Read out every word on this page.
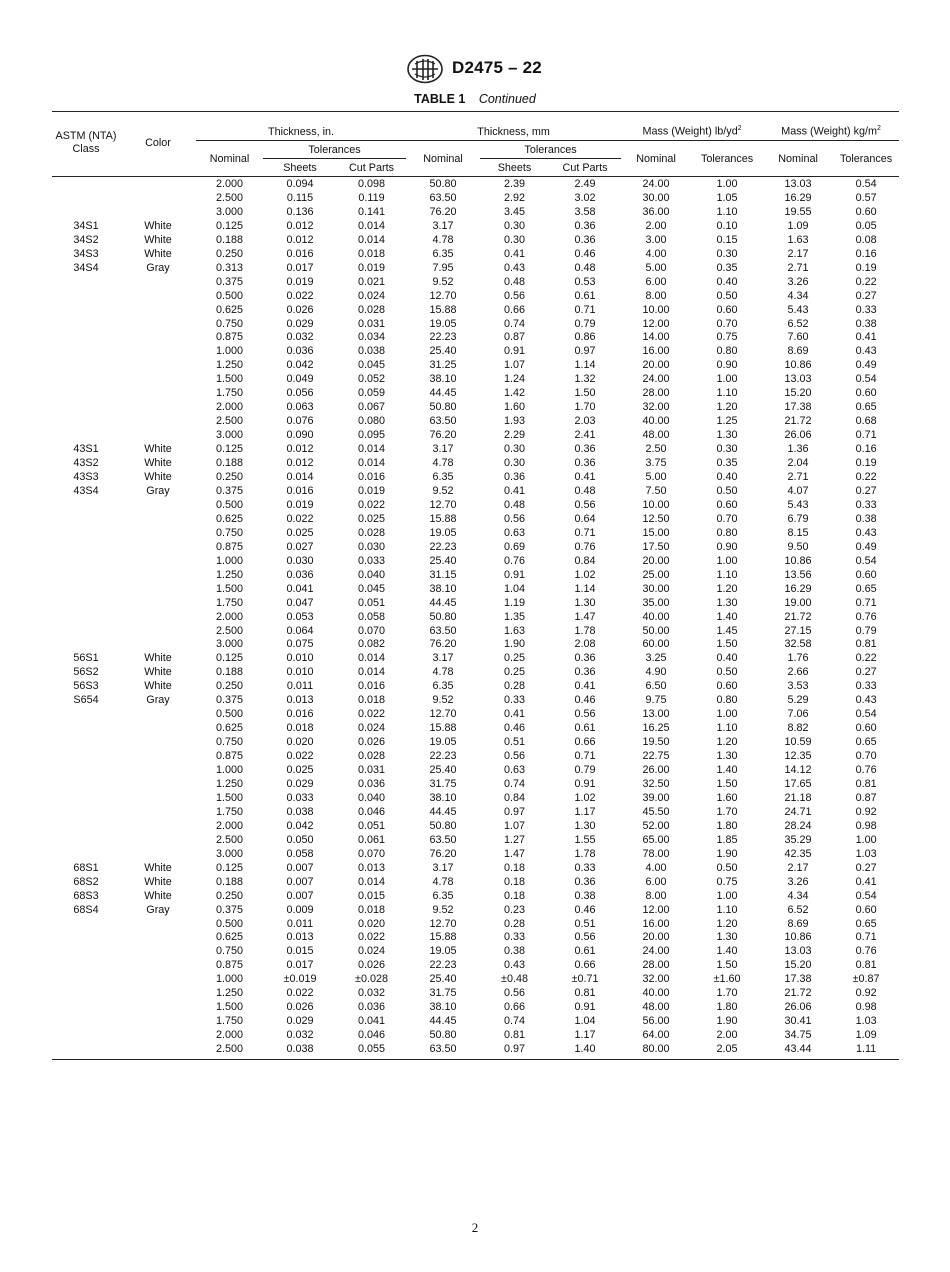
D2475 – 22
TABLE 1 Continued
ASTM (NTA) Class	Color	Thickness, in.			Thickness, mm			Mass (Weight) $lb/yd^2$		Mass (Weight) $kg/m^2$
		Nominal	Tolerances		Nominal	Tolerances		Nominal	Tolerances	Nominal	Tolerances
			Sheets	Cut Parts		Sheets	Cut Parts				
		2.000	0.094	0.098	50.80	2.39	2.49	24.00	1.00	13.03	0.54
		2.500	0.115	0.119	63.50	2.92	3.02	30.00	1.05	16.29	0.57
		3.000	0.136	0.141	76.20	3.45	3.58	36.00	1.10	19.55	0.60
34S1	White	0.125	0.012	0.014	3.17	0.30	0.36	2.00	0.10	1.09	0.05
34S2	White	0.188	0.012	0.014	4.78	0.30	0.36	3.00	0.15	1.63	0.08
34S3	White	0.250	0.016	0.018	6.35	0.41	0.46	4.00	0.30	2.17	0.16
34S4	Gray	0.313	0.017	0.019	7.95	0.43	0.48	5.00	0.35	2.71	0.19
		0.375	0.019	0.021	9.52	0.48	0.53	6.00	0.40	3.26	0.22
		0.500	0.022	0.024	12.70	0.56	0.61	8.00	0.50	4.34	0.27
		0.625	0.026	0.028	15.88	0.66	0.71	10.00	0.60	5.43	0.33
		0.750	0.029	0.031	19.05	0.74	0.79	12.00	0.70	6.52	0.38
		0.875	0.032	0.034	22.23	0.87	0.86	14.00	0.75	7.60	0.41
		1.000	0.036	0.038	25.40	0.91	0.97	16.00	0.80	8.69	0.43
		1.250	0.042	0.045	31.25	1.07	1.14	20.00	0.90	10.86	0.49
		1.500	0.049	0.052	38.10	1.24	1.32	24.00	1.00	13.03	0.54
		1.750	0.056	0.059	44.45	1.42	1.50	28.00	1.10	15.20	0.60
		2.000	0.063	0.067	50.80	1.60	1.70	32.00	1.20	17.38	0.65
		2.500	0.076	0.080	63.50	1.93	2.03	40.00	1.25	21.72	0.68
		3.000	0.090	0.095	76.20	2.29	2.41	48.00	1.30	26.06	0.71
43S1	White	0.125	0.012	0.014	3.17	0.30	0.36	2.50	0.30	1.36	0.16
43S2	White	0.188	0.012	0.014	4.78	0.30	0.36	3.75	0.35	2.04	0.19
43S3	White	0.250	0.014	0.016	6.35	0.36	0.41	5.00	0.40	2.71	0.22
43S4	Gray	0.375	0.016	0.019	9.52	0.41	0.48	7.50	0.50	4.07	0.27
		0.500	0.019	0.022	12.70	0.48	0.56	10.00	0.60	5.43	0.33
		0.625	0.022	0.025	15.88	0.56	0.64	12.50	0.70	6.79	0.38
		0.750	0.025	0.028	19.05	0.63	0.71	15.00	0.80	8.15	0.43
		0.875	0.027	0.030	22.23	0.69	0.76	17.50	0.90	9.50	0.49
		1.000	0.030	0.033	25.40	0.76	0.84	20.00	1.00	10.86	0.54
		1.250	0.036	0.040	31.15	0.91	1.02	25.00	1.10	13.56	0.60
		1.500	0.041	0.045	38.10	1.04	1.14	30.00	1.20	16.29	0.65
		1.750	0.047	0.051	44.45	1.19	1.30	35.00	1.30	19.00	0.71
		2.000	0.053	0.058	50.80	1.35	1.47	40.00	1.40	21.72	0.76
		2.500	0.064	0.070	63.50	1.63	1.78	50.00	1.45	27.15	0.79
		3.000	0.075	0.082	76.20	1.90	2.08	60.00	1.50	32.58	0.81
56S1	White	0.125	0.010	0.014	3.17	0.25	0.36	3.25	0.40	1.76	0.22
56S2	White	0.188	0.010	0.014	4.78	0.25	0.36	4.90	0.50	2.66	0.27
56S3	White	0.250	0.011	0.016	6.35	0.28	0.41	6.50	0.60	3.53	0.33
S654	Gray	0.375	0.013	0.018	9.52	0.33	0.46	9.75	0.80	5.29	0.43
		0.500	0.016	0.022	12.70	0.41	0.56	13.00	1.00	7.06	0.54
		0.625	0.018	0.024	15.88	0.46	0.61	16.25	1.10	8.82	0.60
		0.750	0.020	0.026	19.05	0.51	0.66	19.50	1.20	10.59	0.65
		0.875	0.022	0.028	22.23	0.56	0.71	22.75	1.30	12.35	0.70
		1.000	0.025	0.031	25.40	0.63	0.79	26.00	1.40	14.12	0.76
		1.250	0.029	0.036	31.75	0.74	0.91	32.50	1.50	17.65	0.81
		1.500	0.033	0.040	38.10	0.84	1.02	39.00	1.60	21.18	0.87
		1.750	0.038	0.046	44.45	0.97	1.17	45.50	1.70	24.71	0.92
		2.000	0.042	0.051	50.80	1.07	1.30	52.00	1.80	28.24	0.98
		2.500	0.050	0.061	63.50	1.27	1.55	65.00	1.85	35.29	1.00
		3.000	0.058	0.070	76.20	1.47	1.78	78.00	1.90	42.35	1.03
68S1	White	0.125	0.007	0.013	3.17	0.18	0.33	4.00	0.50	2.17	0.27
68S2	White	0.188	0.007	0.014	4.78	0.18	0.36	6.00	0.75	3.26	0.41
68S3	White	0.250	0.007	0.015	6.35	0.18	0.38	8.00	1.00	4.34	0.54
68S4	Gray	0.375	0.009	0.018	9.52	0.23	0.46	12.00	1.10	6.52	0.60
		0.500	0.011	0.020	12.70	0.28	0.51	16.00	1.20	8.69	0.65
		0.625	0.013	0.022	15.88	0.33	0.56	20.00	1.30	10.86	0.71
		0.750	0.015	0.024	19.05	0.38	0.61	24.00	1.40	13.03	0.76
		0.875	0.017	0.026	22.23	0.43	0.66	28.00	1.50	15.20	0.81
		1.000	±0.019	±0.028	25.40	±0.48	±0.71	32.00	±1.60	17.38	±0.87
		1.250	0.022	0.032	31.75	0.56	0.81	40.00	1.70	21.72	0.92
		1.500	0.026	0.036	38.10	0.66	0.91	48.00	1.80	26.06	0.98
		1.750	0.029	0.041	44.45	0.74	1.04	56.00	1.90	30.41	1.03
		2.000	0.032	0.046	50.80	0.81	1.17	64.00	2.00	34.75	1.09
		2.500	0.038	0.055	63.50	0.97	1.40	80.00	2.05	43.44	1.11
2
